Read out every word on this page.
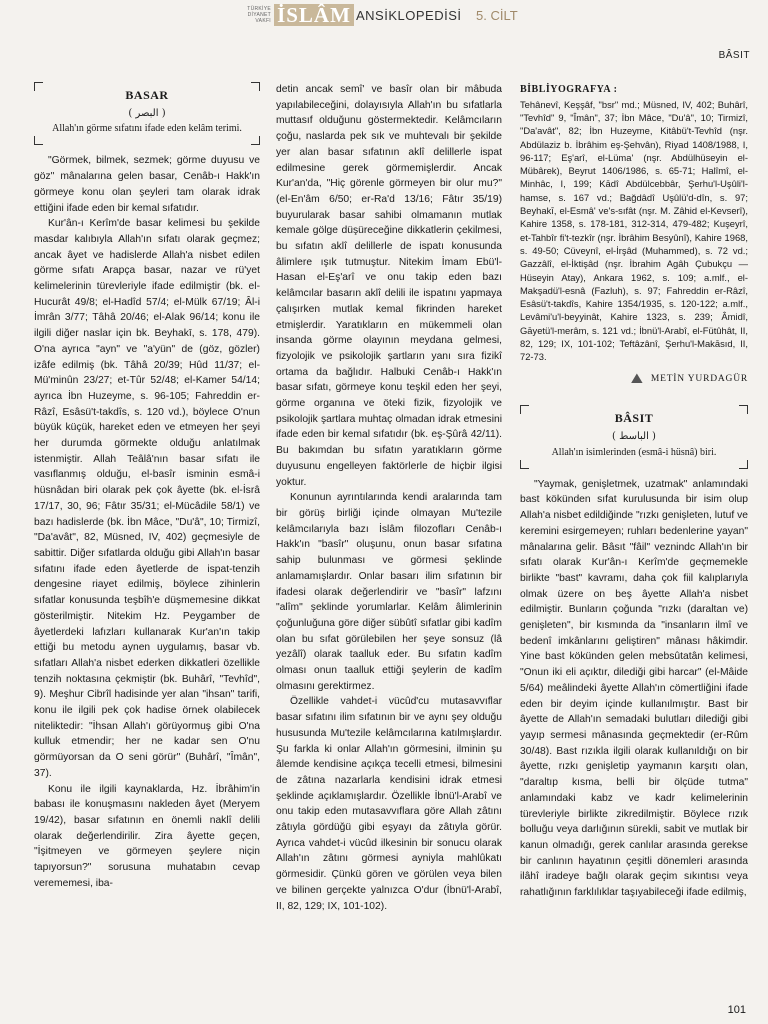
TÜRKİYE
DİYANET
VAKFI İSLÂM ANSİKLOPEDİSİ 5. CİLT
BÂSIT
BASAR
( البصر )
Allah'ın görme sıfatını ifade eden kelâm terimi.

"Görmek, bilmek, sezmek; görme duyusu ve göz" mânalarına gelen basar, Cenâb-ı Hakk'ın görmeye konu olan şeyleri tam olarak idrak ettiğini ifade eden bir kemal sıfatıdır.

Kur'ân-ı Kerîm'de basar kelimesi bu şekilde masdar kalıbıyla Allah'ın sıfatı olarak geçmez; ancak âyet ve hadislerde Allah'a nisbet edilen görme sıfatı Arapça basar, nazar ve rü'yet kelimelerinin türevleriyle ifade edilmiştir (bk. el-Hucurât 49/8; el-Hadîd 57/4; el-Mülk 67/19; Âl-i İmrân 3/77; Tâhâ 20/46; el-Alak 96/14; konu ile ilgili diğer naslar için bk. Beyhakī, s. 178, 479). O'na ayrıca "ayn" ve "a'yün" de (göz, gözler) izâfe edilmiş (bk. Tâhâ 20/39; Hûd 11/37; el-Mü'minûn 23/27; et-Tûr 52/48; el-Kamer 54/14; ayrıca İbn Huzeyme, s. 96-105; Fahreddin er-Râzî, Esâsü't-takdîs, s. 120 vd.), böylece O'nun büyük küçük, hareket eden ve etmeyen her şeyi her durumda görmekte olduğu anlatılmak istenmiştir. Allah Teâlâ'nın basar sıfatı ile vasıflanmış olduğu, el-basîr isminin esmâ-i hüsnâdan biri olarak pek çok âyette (bk. el-İsrâ 17/17, 30, 96; Fâtır 35/31; el-Mücâdile 58/1) ve bazı hadislerde (bk. İbn Mâce, "Du'â", 10; Tirmizî, "Da'avât", 82, Müsned, IV, 402) geçmesiyle de sabittir. Diğer sıfatlarda olduğu gibi Allah'ın basar sıfatını ifade eden âyetlerde de ispat-tenzih dengesine riayet edilmiş, böylece zihinlerin sıfatlar konusunda teşbîh'e düşmemesine dikkat gösterilmiştir. Nitekim Hz. Peygamber de âyetlerdeki lafızları kullanarak Kur'an'ın takip ettiği bu metodu aynen uygulamış, basar vb. sıfatları Allah'a nisbet ederken dikkatleri özellikle tenzih noktasına çekmiştir (bk. Buhârî, "Tevhîd", 9). Meşhur Cibrîl hadisinde yer alan "ihsan" tarifi, konu ile ilgili pek çok hadise örnek olabilecek niteliktedir: "İhsan Allah'ı görüyormuş gibi O'na kulluk etmendir; her ne kadar sen O'nu görmüyorsan da O seni görür" (Buhârî, "Îmân", 37).

Konu ile ilgili kaynaklarda, Hz. İbrâhim'in babası ile konuşmasını nakleden âyet (Meryem 19/42), basar sıfatının en önemli naklî delili olarak değerlendirilir. Zira âyette geçen, "İşitmeyen ve görmeyen şeylere niçin tapıyorsun?" sorusuna muhatabın cevap verememesi, iba-

detin ancak semî' ve basîr olan bir mâbuda yapılabileceğini, dolayısıyla Allah'ın bu sıfatlarla muttasıf olduğunu göstermektedir. Kelâmcıların çoğu, naslarda pek sık ve muhtevalı bir şekilde yer alan basar sıfatının aklî delillerle ispat edilmesine gerek görmemişlerdir. Ancak Kur'an'da, "Hiç görenle görmeyen bir olur mu?" (el-En'âm 6/50; er-Ra'd 13/16; Fâtır 35/19) buyurularak basar sahibi olmamanın mutlak kemale gölge düşüreceğine dikkatlerin çekilmesi, bu sıfatın aklî delillerle de ispatı konusunda âlimlere ışık tutmuştur. Nitekim İmam Ebü'l-Hasan el-Eş'arî ve onu takip eden bazı kelâmcılar basarın aklî delili ile ispatını yapmaya çalışırken mutlak kemal fikrinden hareket etmişlerdir. Yaratıkların en mükemmeli olan insanda görme olayının meydana gelmesi, fizyolojik ve psikolojik şartların yanı sıra fizikî ortama da bağlıdır. Halbuki Cenâb-ı Hakk'ın basar sıfatı, görmeye konu teşkil eden her şeyi, görme organına ve öteki fizik, fizyolojik ve psikolojik şartlara muhtaç olmadan idrak etmesini ifade eden bir kemal sıfatıdır (bk. eş-Şûrâ 42/11). Bu bakımdan bu sıfatın yaratıkların görme duyusunu engelleyen faktörlerle de hiçbir ilgisi yoktur.

Konunun ayrıntılarında kendi aralarında tam bir görüş birliği içinde olmayan Mu'tezile kelâmcılarıyla bazı İslâm filozofları Cenâb-ı Hakk'ın "basîr" oluşunu, onun basar sıfatına sahip bulunması ve görmesi şeklinde anlamamışlardır. Onlar basarı ilim sıfatının bir ifadesi olarak değerlendirir ve "basîr" lafzını "alîm" şeklinde yorumlarlar. Kelâm âlimlerinin çoğunluğuna göre diğer sübûtî sıfatlar gibi kadîm olan bu sıfat görülebilen her şeye sonsuz (lâ yezâlî) olarak taalluk eder. Bu sıfatın kadîm olması onun taalluk ettiği şeylerin de kadîm olmasını gerektirmez.

Özellikle vahdet-i vücûd'cu mutasavvıflar basar sıfatını ilim sıfatının bir ve aynı şey olduğu hususunda Mu'tezile kelâmcılarına katılmışlardır. Şu farkla ki onlar Allah'ın görmesini, ilminin şu âlemde kendisine açıkça tecelli etmesi, bilmesini de zâtına nazarlarla kendisini idrak etmesi şeklinde açıklamışlardır. Özellikle İbnü'l-Arabî ve onu takip eden mutasavvıflara göre Allah zâtını zâtıyla gördüğü gibi eşyayı da zâtıyla görür. Ayrıca vahdet-i vücûd ilkesinin bir sonucu olarak Allah'ın zâtını görmesi ayniyla mahlûkatı görmesidir. Çünkü gören ve görülen veya bilen ve bilinen gerçekte yalnızca O'dur (İbnü'l-Arabî, II, 82, 129; IX, 101-102).

BİBLİYOGRAFYA :
Tehânevî, Keşşâf, "bsr" md.; Müsned, IV, 402; Buhârî, "Tevhîd" 9, "Îmân", 37; İbn Mâce, "Du'â", 10; Tirmizî, "Da'avât", 82; İbn Huzeyme, Kitâbü't-Tevhîd (nşr. Abdülaziz b. İbrâhim eş-Şehvân), Riyad 1408/1988, I, 96-117; Eş'arî, el-Lüma' (nşr. Abdülhüseyin el-Mübârek), Beyrut 1406/1986, s. 65-71; Halîmî, el-Minhâc, I, 199; Kādî Abdülcebbâr, Şerhu'l-Uşûli'l-hamse, s. 167 vd.; Bağdâdî Uşûlü'd-dîn, s. 97; Beyhakī, el-Esmâ' ve's-sıfât (nşr. M. Zâhid el-Kevserî), Kahire 1358, s. 178-181, 312-314, 479-482; Kuşeyrî, et-Tahbîr fi't-tezkîr (nşr. İbrâhim Besyûnî), Kahire 1968, s. 49-50; Cüveynî, el-İrşâd (Muhammed), s. 72 vd.; Gazzâlî, el-İktişâd (nşr. İbrahim Agâh Çubukçu — Hüseyin Atay), Ankara 1962, s. 109; a.mlf., el-Makşadü'l-esnâ (Fazluh), s. 97; Fahreddin er-Râzî, Esâsü't-takdîs, Kahire 1354/1935, s. 120-122; a.mlf., Levâmi'u'l-beyyinât, Kahire 1323, s. 239; Âmidî, Gāyetü'l-merâm, s. 121 vd.; İbnü'l-Arabî, el-Fütûhât, II, 82, 129; IX, 101-102; Teftâzânî, Şerhu'l-Makāsıd, II, 72-73.
METİN YURDAGÜR
BÂSIT
( الباسط )
Allah'ın isimlerinden (esmâ-i hüsnâ) biri.

"Yaymak, genişletmek, uzatmak" anlamındaki bast kökünden sıfat kurulusunda bir isim olup Allah'a nisbet edildiğinde "rızkı genişleten, lutuf ve keremini esirgemeyen; ruhları bedenlerine yayan" mânalarına gelir. Bâsıt "fâil" veznindc Allah'ın bir sıfatı olarak Kur'ân-ı Kerîm'de geçmemekle birlikte "bast" kavramı, daha çok fiil kalıplarıyla olmak üzere on beş âyette Allah'a nisbet edilmiştir. Bunların çoğunda "rızkı (daraltan ve) genişleten", bir kısmında da "insanların ilmî ve bedenî imkânlarını geliştiren" mânası hâkimdir. Yine bast kökünden gelen mebsûtatân kelimesi, "Onun iki eli açıktır, dilediği gibi harcar" (el-Mâide 5/64) meâlindeki âyette Allah'ın cömertliğini ifade eden bir deyim içinde kullanılmıştır. Bast bir âyette de Allah'ın semadaki bulutları dilediği gibi yayıp sermesi mânasında geçmektedir (er-Rûm 30/48). Bast rızıkla ilgili olarak kullanıldığı on bir âyette, rızkı genişletip yaymanın karşıtı olan, "daraltıp kısma, belli bir ölçüde tutma" anlamındaki kabz ve kadr kelimelerinin türevleriyle birlikte zikredilmiştir. Böylece rızık bolluğu veya darlığının sürekli, sabit ve mutlak bir kanun olmadığı, gerek canlılar arasında gerekse bir canlının hayatının çeşitli dönemleri arasında ilâhî iradeye bağlı olarak geçim sıkıntısı veya rahatlığının farklılıklar taşıyabileceği ifade edilmiş,

101
